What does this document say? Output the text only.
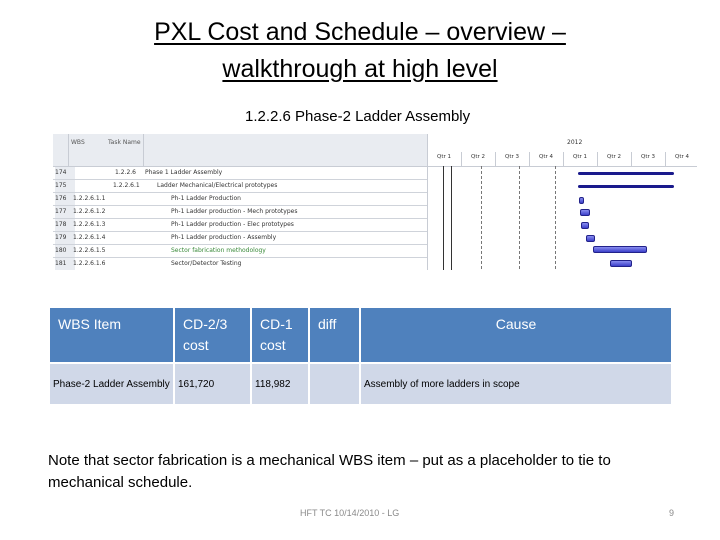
PXL Cost and Schedule – overview –
walkthrough at high level
1.2.2.6 Phase-2 Ladder Assembly
WBS	Task Name	2012
174	1.2.2.6 Phase 1 Ladder Assembly
175	1.2.2.6.1	Ladder Mechanical/Electrical prototypes
176	1.2.2.6.1.1	Ph-1 Ladder Production
177	1.2.2.6.1.2	Ph-1 Ladder production - Mech prototypes
178	1.2.2.6.1.3	Ph-1 Ladder production - Elec prototypes
179	1.2.2.6.1.4	Ph-1 Ladder production - Assembly
180	1.2.2.6.1.5	Sector fabrication methodology
181	1.2.2.6.1.6	Sector/Detector Testing
Qtr 1	Qtr 2	Qtr 3	Qtr 4	Qtr 1	Qtr 2	Qtr 3	Qtr 4
WBS Item	CD-2/3 cost	CD-1 cost	diff	Cause

Phase-2 Ladder Assembly	161,720	118,982		Assembly of more ladders in scope
Note that sector fabrication is a mechanical WBS item – put as a placeholder to tie to mechanical schedule.
HFT TC 10/14/2010 - LG	9
